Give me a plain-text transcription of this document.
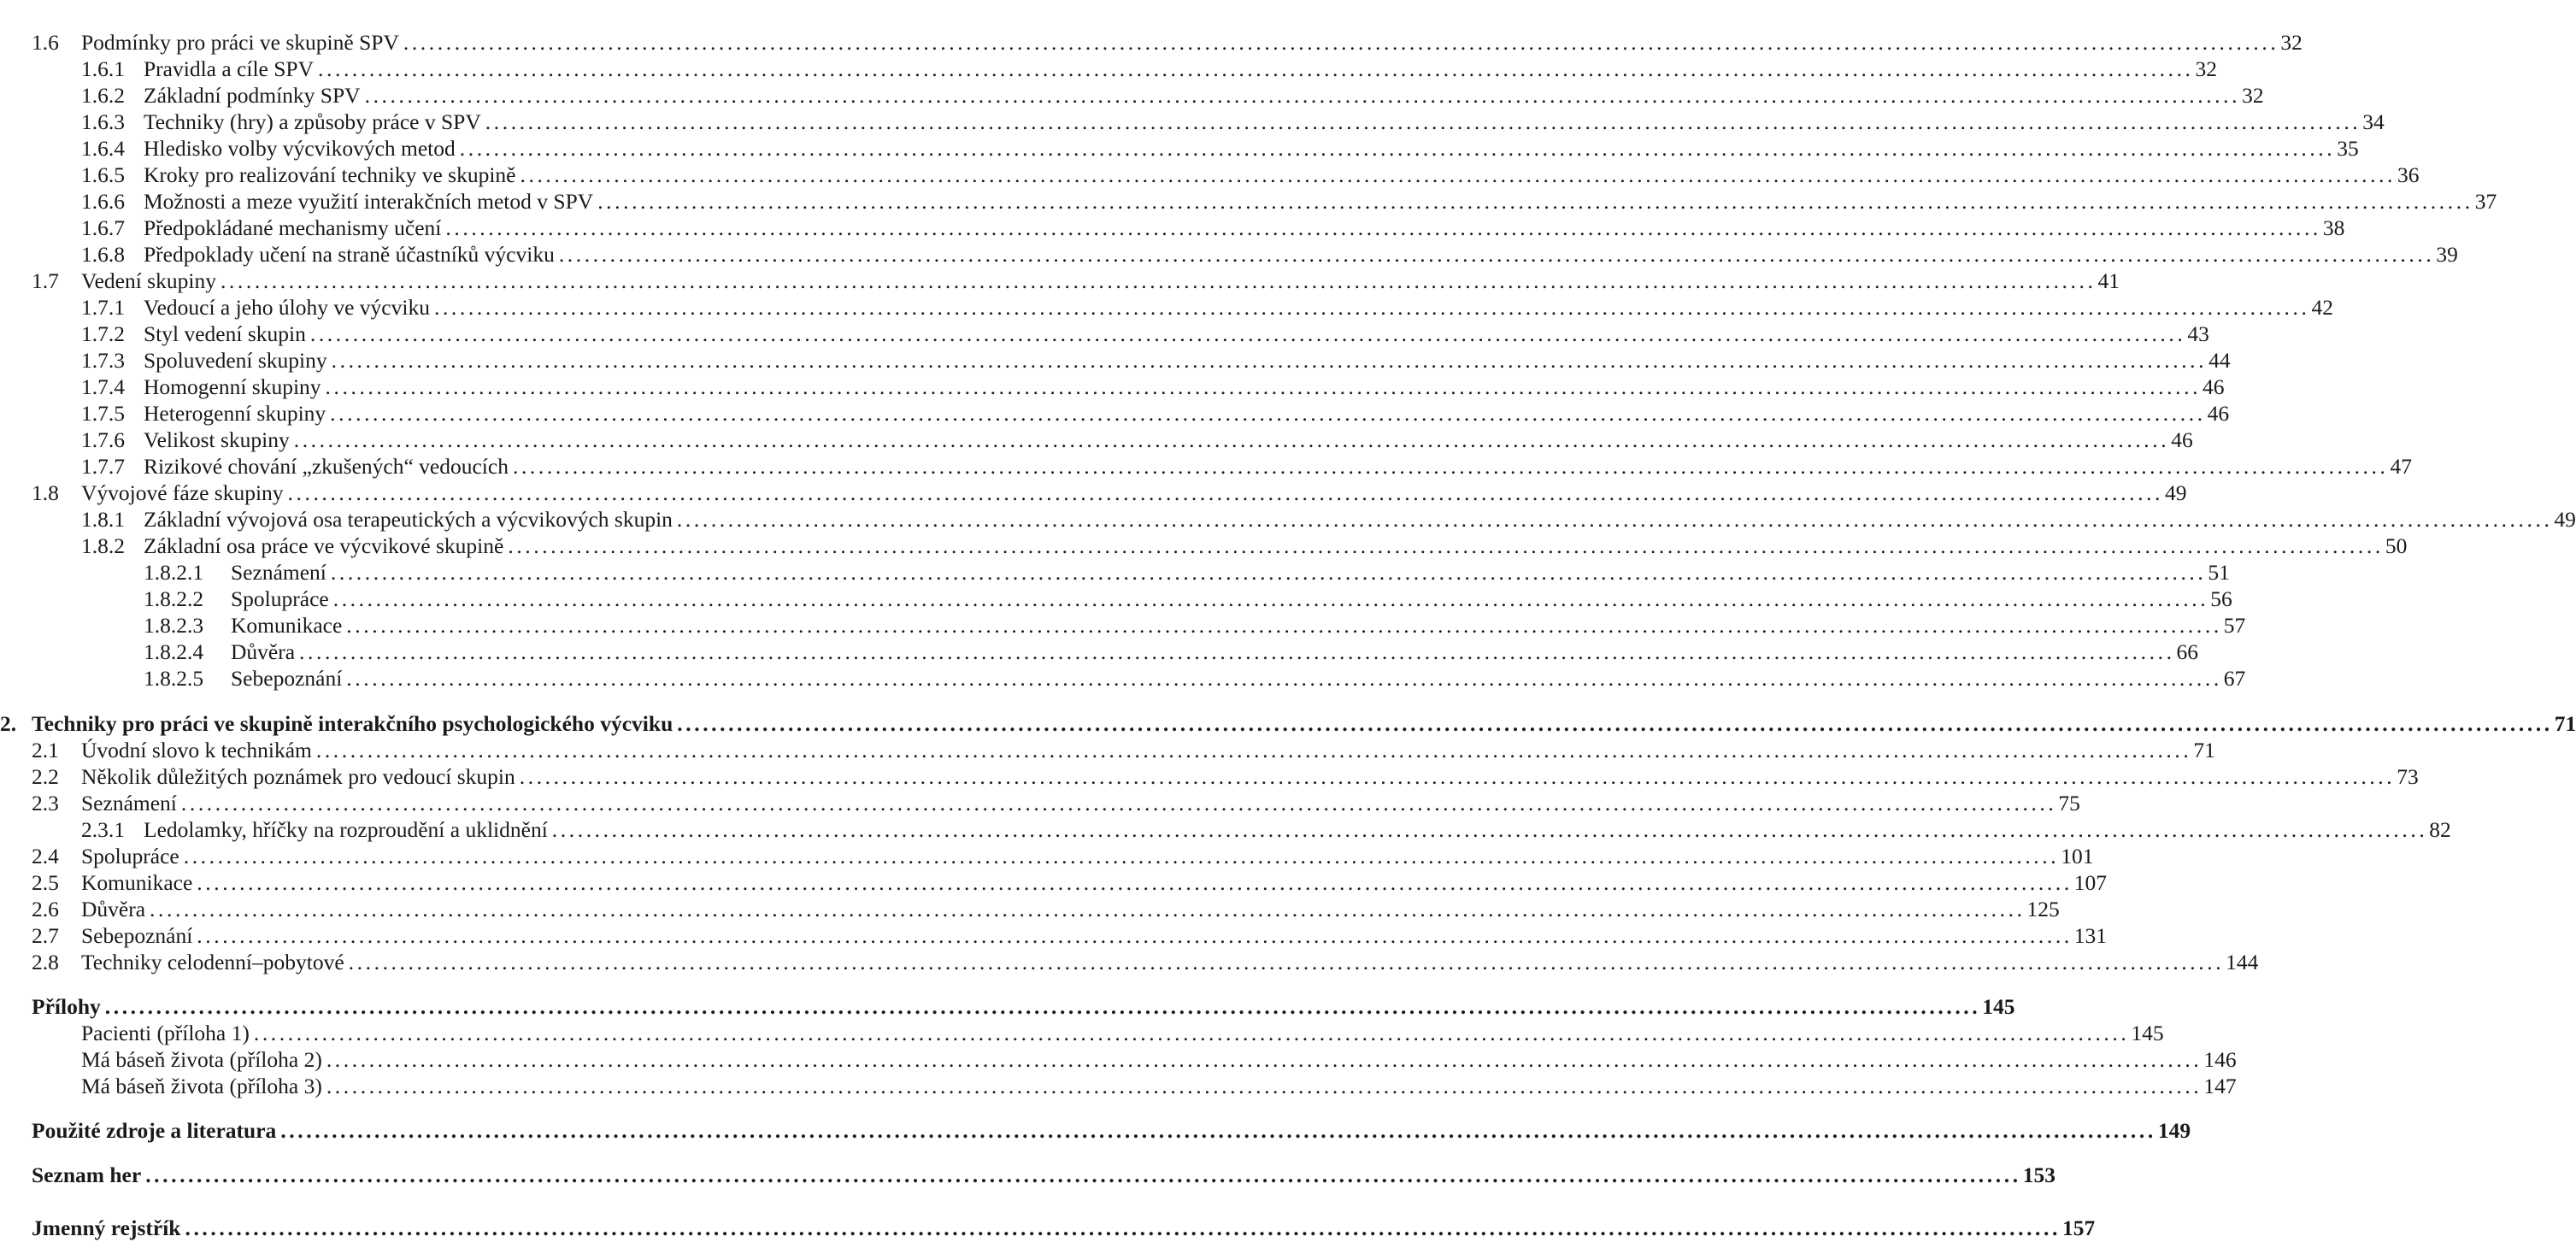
1.6 Podmínky pro práci ve skupině SPV ............................................................................................................................................................................................................................ 32
1.6.1 Pravidla a cíle SPV ............................................................................................................................................................................................................................ 32
1.6.2 Základní podmínky SPV ............................................................................................................................................................................................................................ 32
1.6.3 Techniky (hry) a způsoby práce v SPV ............................................................................................................................................................................................................................ 34
1.6.4 Hledisko volby výcvikových metod ............................................................................................................................................................................................................................ 35
1.6.5 Kroky pro realizování techniky ve skupině ............................................................................................................................................................................................................................ 36
1.6.6 Možnosti a meze využití interakčních metod v SPV ............................................................................................................................................................................................................................ 37
1.6.7 Předpokládané mechanismy učení ............................................................................................................................................................................................................................ 38
1.6.8 Předpoklady učení na straně účastníků výcviku ............................................................................................................................................................................................................................ 39
1.7 Vedení skupiny ............................................................................................................................................................................................................................ 41
1.7.1 Vedoucí a jeho úlohy ve výcviku ............................................................................................................................................................................................................................ 42
1.7.2 Styl vedení skupin ............................................................................................................................................................................................................................ 43
1.7.3 Spoluvedení skupiny ............................................................................................................................................................................................................................ 44
1.7.4 Homogenní skupiny ............................................................................................................................................................................................................................ 46
1.7.5 Heterogenní skupiny ............................................................................................................................................................................................................................ 46
1.7.6 Velikost skupiny ............................................................................................................................................................................................................................ 46
1.7.7 Rizikové chování „zkušených“ vedoucích ............................................................................................................................................................................................................................ 47
1.8 Vývojové fáze skupiny ............................................................................................................................................................................................................................ 49
1.8.1 Základní vývojová osa terapeutických a výcvikových skupin ............................................................................................................................................................................................................................ 49
1.8.2 Základní osa práce ve výcvikové skupině ............................................................................................................................................................................................................................ 50
1.8.2.1 Seznámení ............................................................................................................................................................................................................................ 51
1.8.2.2 Spolupráce ............................................................................................................................................................................................................................ 56
1.8.2.3 Komunikace ............................................................................................................................................................................................................................ 57
1.8.2.4 Důvěra ............................................................................................................................................................................................................................ 66
1.8.2.5 Sebepoznání ............................................................................................................................................................................................................................ 67
2. Techniky pro práci ve skupině interakčního psychologického výcviku ............................................................................................................................................................................................................................ 71
2.1 Úvodní slovo k technikám ............................................................................................................................................................................................................................ 71
2.2 Několik důležitých poznámek pro vedoucí skupin ............................................................................................................................................................................................................................ 73
2.3 Seznámení ............................................................................................................................................................................................................................ 75
2.3.1 Ledolamky, hříčky na rozproudění a uklidnění ............................................................................................................................................................................................................................ 82
2.4 Spolupráce ............................................................................................................................................................................................................................ 101
2.5 Komunikace ............................................................................................................................................................................................................................ 107
2.6 Důvěra ............................................................................................................................................................................................................................ 125
2.7 Sebepoznání ............................................................................................................................................................................................................................ 131
2.8 Techniky celodenní–pobytové ............................................................................................................................................................................................................................ 144
Přílohy ............................................................................................................................................................................................................................ 145
Pacienti (příloha 1) ............................................................................................................................................................................................................................ 145
Má báseň života (příloha 2) ............................................................................................................................................................................................................................ 146
Má báseň života (příloha 3) ............................................................................................................................................................................................................................ 147
Použité zdroje a literatura ............................................................................................................................................................................................................................ 149
Seznam her ............................................................................................................................................................................................................................ 153
Jmenný rejstřík ............................................................................................................................................................................................................................ 157
